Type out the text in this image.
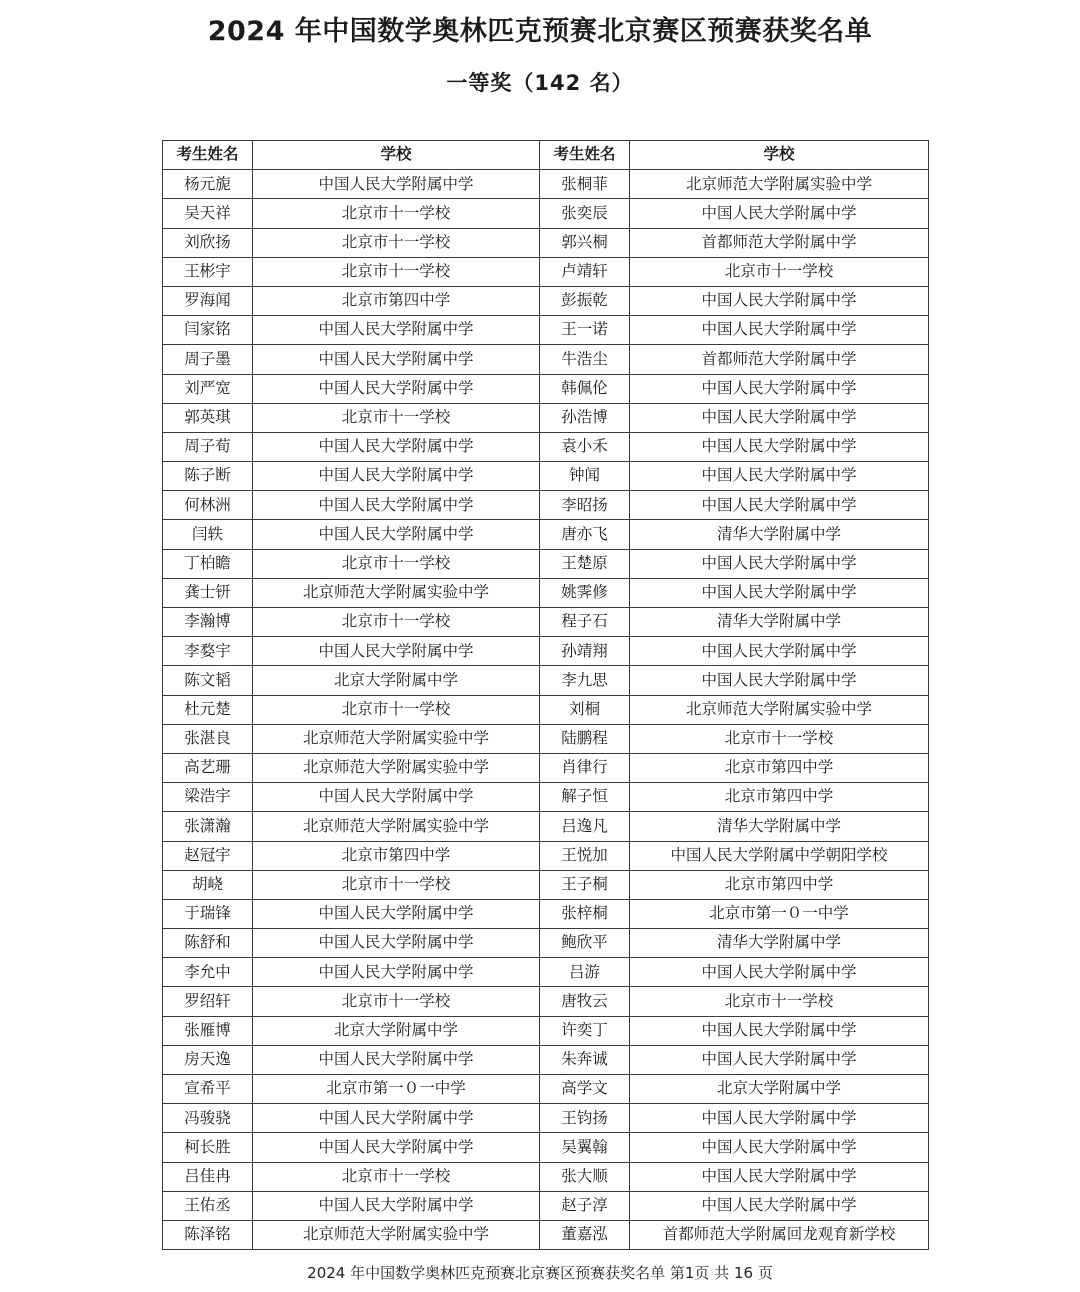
2024 年中国数学奥林匹克预赛北京赛区预赛获奖名单
一等奖（142 名）
考生姓名	学校	考生姓名	学校
杨元旎	中国人民大学附属中学	张桐菲	北京师范大学附属实验中学
吴天祥	北京市十一学校	张奕辰	中国人民大学附属中学
刘欣扬	北京市十一学校	郭兴桐	首都师范大学附属中学
王彬宇	北京市十一学校	卢靖轩	北京市十一学校
罗海闻	北京市第四中学	彭振乾	中国人民大学附属中学
闫家铭	中国人民大学附属中学	王一诺	中国人民大学附属中学
周子墨	中国人民大学附属中学	牛浩尘	首都师范大学附属中学
刘严宽	中国人民大学附属中学	韩佩伦	中国人民大学附属中学
郭英琪	北京市十一学校	孙浩博	中国人民大学附属中学
周子荀	中国人民大学附属中学	袁小禾	中国人民大学附属中学
陈子断	中国人民大学附属中学	钟闻	中国人民大学附属中学
何林洲	中国人民大学附属中学	李昭扬	中国人民大学附属中学
闫轶	中国人民大学附属中学	唐亦飞	清华大学附属中学
丁柏瞻	北京市十一学校	王楚原	中国人民大学附属中学
龚士钘	北京师范大学附属实验中学	姚霁修	中国人民大学附属中学
李瀚博	北京市十一学校	程子石	清华大学附属中学
李婺宇	中国人民大学附属中学	孙靖翔	中国人民大学附属中学
陈文韬	北京大学附属中学	李九思	中国人民大学附属中学
杜元楚	北京市十一学校	刘桐	北京师范大学附属实验中学
张湛良	北京师范大学附属实验中学	陆鹏程	北京市十一学校
高艺珊	北京师范大学附属实验中学	肖律行	北京市第四中学
梁浩宇	中国人民大学附属中学	解子恒	北京市第四中学
张潇瀚	北京师范大学附属实验中学	吕逸凡	清华大学附属中学
赵冠宇	北京市第四中学	王悦加	中国人民大学附属中学朝阳学校
胡峣	北京市十一学校	王子桐	北京市第四中学
于瑞锋	中国人民大学附属中学	张梓桐	北京市第一０一中学
陈舒和	中国人民大学附属中学	鲍欣平	清华大学附属中学
李允中	中国人民大学附属中学	吕游	中国人民大学附属中学
罗绍轩	北京市十一学校	唐牧云	北京市十一学校
张雁博	北京大学附属中学	许奕丁	中国人民大学附属中学
房天逸	中国人民大学附属中学	朱奔诚	中国人民大学附属中学
宣希平	北京市第一０一中学	高学文	北京大学附属中学
冯骏骁	中国人民大学附属中学	王钧扬	中国人民大学附属中学
柯长胜	中国人民大学附属中学	吴翼翰	中国人民大学附属中学
吕佳冉	北京市十一学校	张大顺	中国人民大学附属中学
王佑丞	中国人民大学附属中学	赵子淳	中国人民大学附属中学
陈泽铭	北京师范大学附属实验中学	董嘉泓	首都师范大学附属回龙观育新学校
2024 年中国数学奥林匹克预赛北京赛区预赛获奖名单 第1页 共 16 页
